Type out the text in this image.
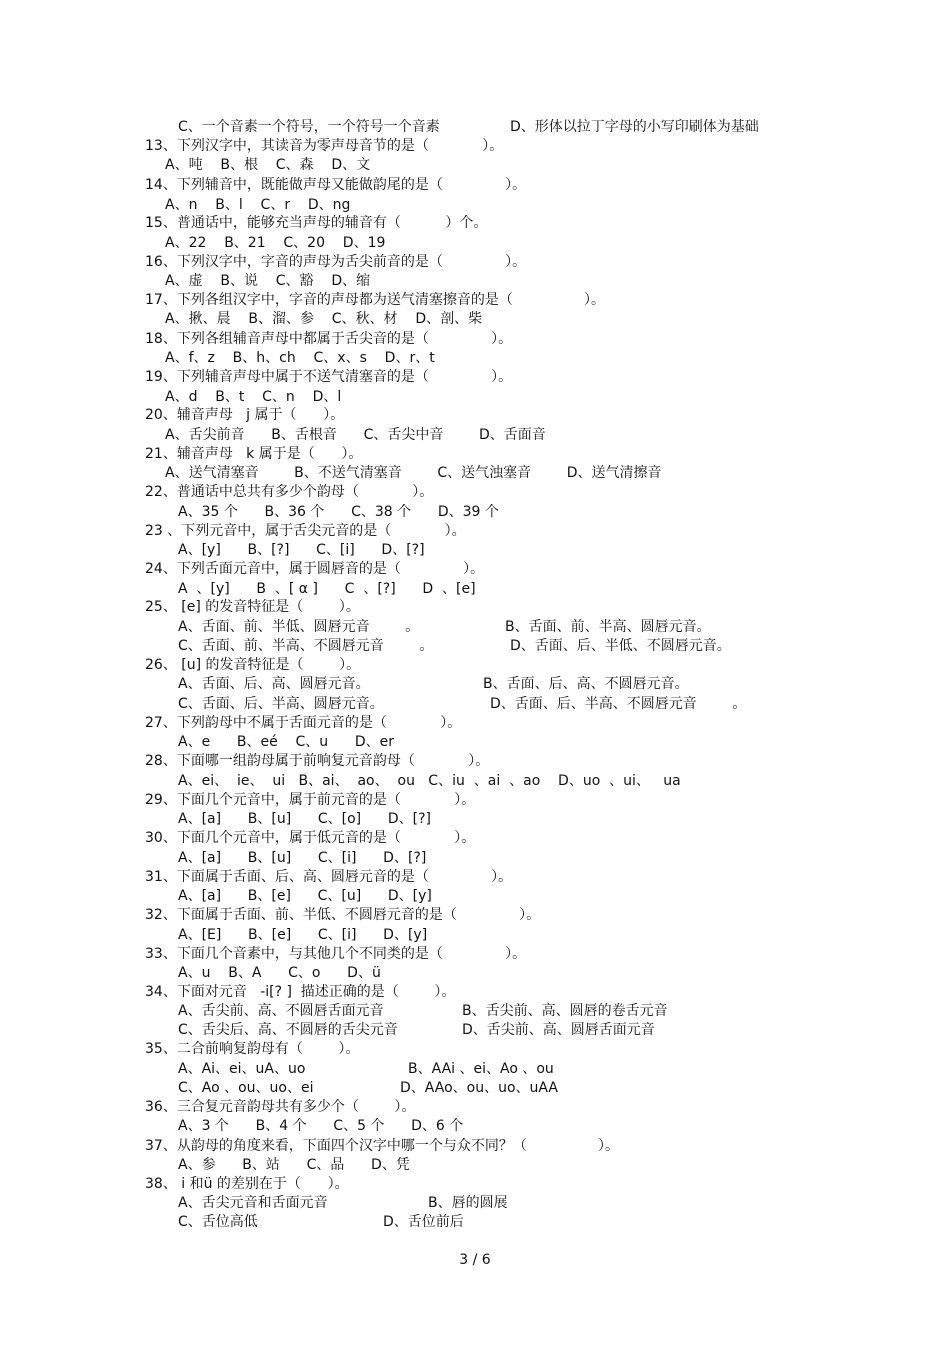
C、一个音素一个符号，一个符号一个音素	D、形体以拉丁字母的小写印刷体为基础
13、下列汉字中，其读音为零声母音节的是（            ）。
A、吨    B、根    C、森    D、文
14、下列辅音中，既能做声母又能做韵尾的是（              ）。
A、n    B、l    C、r    D、ng
15、普通话中，能够充当声母的辅音有（          ）个。
A、22    B、21    C、20    D、19
16、下列汉字中，字音的声母为舌尖前音的是（              ）。
A、虚    B、说    C、豁    D、缩
17、下列各组汉字中，字音的声母都为送气清塞擦音的是（                ）。
A、揪、晨    B、溜、参    C、秋、材    D、剖、柴
18、下列各组辅音声母中都属于舌尖音的是（              ）。
A、f、z    B、h、ch    C、x、s    D、r、t
19、下列辅音声母中属于不送气清塞音的是（              ）。
A、d    B、t    C、n    D、l
20、辅音声母   j 属于（      ）。
A、舌尖前音      B、舌根音      C、舌尖中音        D、舌面音
21、辅音声母   k 属于是（      ）。
A、送气清塞音        B、不送气清塞音        C、送气浊塞音        D、送气清擦音
22、普通话中总共有多少个韵母（            ）。
A、35 个      B、36 个      C、38 个      D、39 个
23 、下列元音中，属于舌尖元音的是（            ）。
A、[y]      B、[?]      C、[i]      D、[?]
24、下列舌面元音中，属于圆唇音的是（              ）。
A  、[y]      B  、[ α ]      C  、[?]      D  、[e]
25、 [e] 的发音特征是（        ）。
A、舌面、前、半低、圆唇元音        。	B、舌面、前、半高、圆唇元音。
C、舌面、前、半高、不圆唇元音        。	D、舌面、后、半低、不圆唇元音。
26、 [u] 的发音特征是（        ）。
A、舌面、后、高、圆唇元音。	B、舌面、后、高、不圆唇元音。
C、舌面、后、半高、圆唇元音。	D、舌面、后、半高、不圆唇元音        。
27、下列韵母中不属于舌面元音的是（            ）。
A、e      B、eé    C、u      D、er
28、下面哪一组韵母属于前响复元音韵母（            ）。
A、ei、  ie、  ui   B、ai、  ao、  ou   C、iu  、ai  、ao    D、uo  、ui、   ua
29、下面几个元音中，属于前元音的是（            ）。
A、[a]      B、[u]      C、[o]      D、[?]
30、下面几个元音中，属于低元音的是（            ）。
A、[a]      B、[u]      C、[i]      D、[?]
31、下面属于舌面、后、高、圆唇元音的是（              ）。
A、[a]      B、[e]      C、[u]      D、[y]
32、下面属于舌面、前、半低、不圆唇元音的是（              ）。
A、[E]      B、[e]      C、[i]      D、[y]
33、下面几个音素中，与其他几个不同类的是（              ）。
A、u    B、A      C、o      D、ü
34、下面对元音   -i[? ]  描述正确的是（        ）。
A、舌尖前、高、不圆唇舌面元音	B、舌尖前、高、圆唇的卷舌元音
C、舌尖后、高、不圆唇的舌尖元音	D、舌尖前、高、圆唇舌面元音
35、二合前响复韵母有（        ）。
A、Ai、ei、uA、uo	B、AAi 、ei、Ao 、ou
C、Ao 、ou、uo、ei	D、AAo、ou、uo、uAA
36、三合复元音韵母共有多少个（        ）。
A、3 个      B、4 个      C、5 个      D、6 个
37、从韵母的角度来看，下面四个汉字中哪一个与众不同？（                ）。
A、参      B、站      C、品      D、凭
38、 i 和ü 的差别在于（      ）。
A、舌尖元音和舌面元音	B、唇的圆展
C、舌位高低	D、舌位前后
3 / 6
